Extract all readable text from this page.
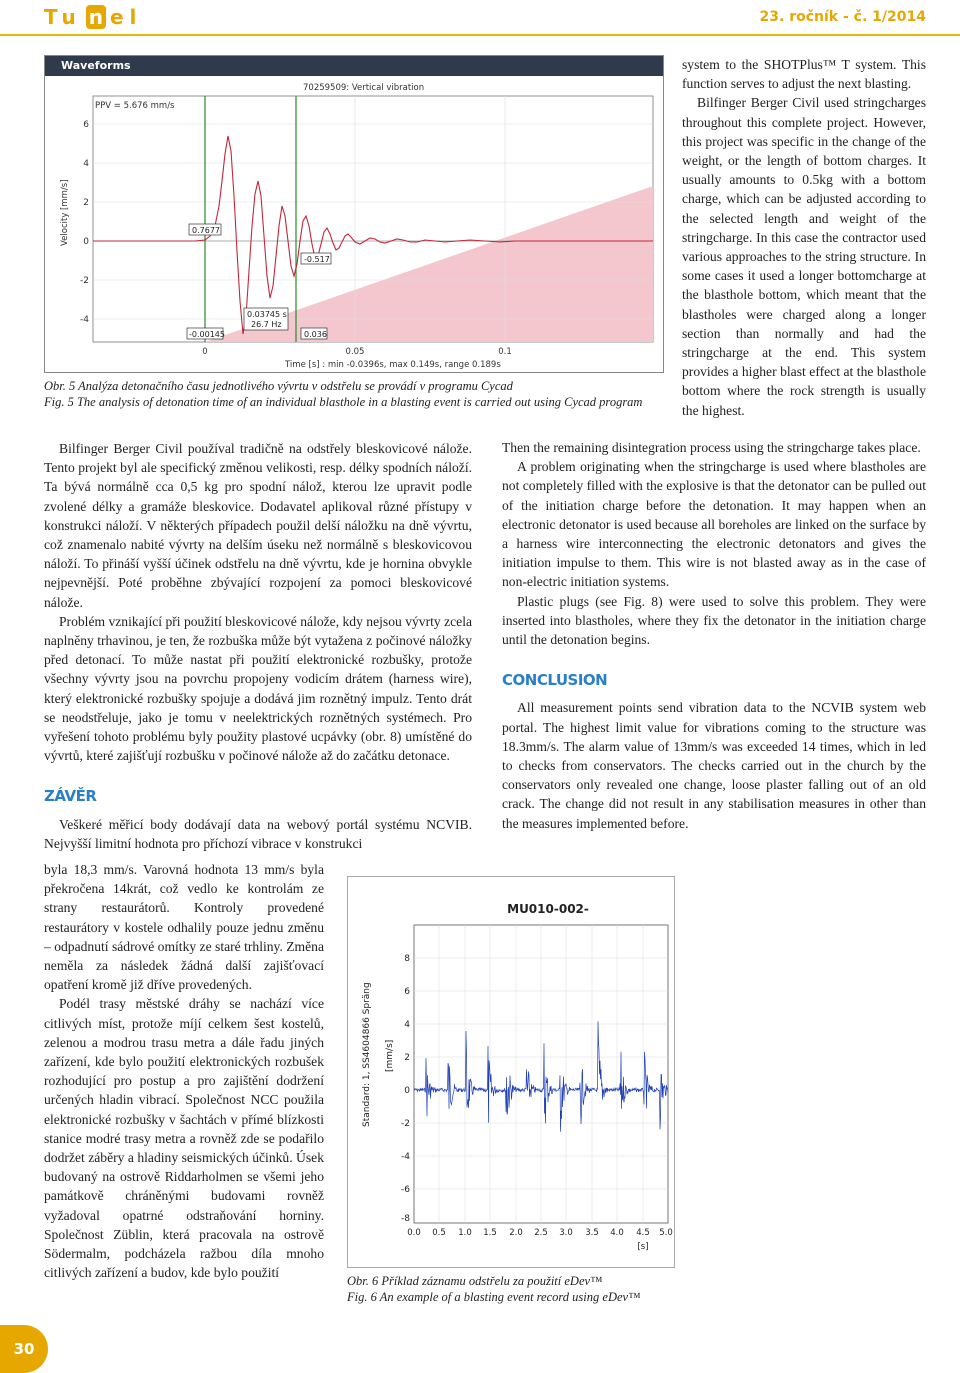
Tu n el	23. ročník - č. 1/2014
Waveforms
6
4
2
0
-2
-4
Velocity [mm/s]
0	0.05	0.1
Time [s] : min -0.0396s, max 0.149s, range 0.189s
70259509: Vertical vibration
PPV = 5.676 mm/s
0.7677
-0.517
0.03745 s
26.7 Hz
-0.00145	0.036
Obr. 5 Analýza detonačního času jednotlivého vývrtu v odstřelu se provádí v programu Cycad
Fig. 5 The analysis of detonation time of an individual blasthole in a blasting event is carried out using Cycad program

system to the SHOTPlus™ T system. This function serves to adjust the next blasting.

Bilfinger Berger Civil used stringcharges throughout this complete project. However, this project was specific in the change of the weight, or the length of bottom charges. It usually amounts to 0.5kg with a bottom charge, which can be adjusted according to the selected length and weight of the stringcharge. In this case the contractor used various approaches to the string structure. In some cases it used a longer bottomcharge at the blasthole bottom, which meant that the blastholes were charged along a longer section than normally and had the stringcharge at the end. This system provides a higher blast effect at the blasthole bottom where the rock strength is usually the highest.

Bilfinger Berger Civil používal tradičně na odstřely bleskovicové nálože. Tento projekt byl ale specifický změnou velikosti, resp. délky spodních náloží. Ta bývá normálně cca 0,5 kg pro spodní nálož, kterou lze upravit podle zvolené délky a gramáže bleskovice. Dodavatel aplikoval různé přístupy v konstrukci náloží. V některých případech použil delší náložku na dně vývrtu, což znamenalo nabité vývrty na delším úseku než normálně s bleskovicovou náloží. To přináší vyšší účinek odstřelu na dně vývrtu, kde je hornina obvykle nejpevnější. Poté proběhne zbývající rozpojení za pomoci bleskovicové nálože.

Problém vznikající při použití bleskovicové nálože, kdy nejsou vývrty zcela naplněny trhavinou, je ten, že rozbuška může být vytažena z počinové náložky před detonací. To může nastat při použití elektronické rozbušky, protože všechny vývrty jsou na povrchu propojeny vodicím drátem (harness wire), který elektronické rozbušky spojuje a dodává jim roznětný impulz. Tento drát se neodstřeluje, jako je tomu v neelektrických roznětných systémech. Pro vyřešení tohoto problému byly použity plastové ucpávky (obr. 8) umístěné do vývrtů, které zajišťují rozbušku v počinové nálože až do začátku detonace.

ZÁVĚR

Veškeré měřicí body dodávají data na webový portál systému NCVIB. Nejvyšší limitní hodnota pro příchozí vibrace v konstrukci

byla 18,3 mm/s. Varovná hodnota 13 mm/s byla překročena 14krát, což vedlo ke kontrolám ze strany restaurátorů. Kontroly provedené restaurátory v kostele odhalily pouze jednu změnu – odpadnutí sádrové omítky ze staré trhliny. Změna neměla za následek žádná další zajišťovací opatření kromě již dříve provedených.

Podél trasy městské dráhy se nachází více citlivých míst, protože míjí celkem šest kostelů, zelenou a modrou trasu metra a dále řadu jiných zařízení, kde bylo použití elektronických rozbušek rozhodující pro postup a pro zajištění dodržení určených hladin vibrací. Společnost NCC použila elektronické rozbušky v šachtách v přímé blízkosti stanice modré trasy metra a rovněž zde se podařilo dodržet záběry a hladiny seismických účinků. Úsek budovaný na ostrově Riddarholmen se všemi jeho památkově chráněnými budovami rovněž vyžadoval opatrné odstraňování horniny. Společnost Züblin, která pracovala na ostrově Södermalm, podcházela ražbou díla mnoho citlivých zařízení a budov, kde bylo použití

Then the remaining disintegration process using the stringcharge takes place.

A problem originating when the stringcharge is used where blastholes are not completely filled with the explosive is that the detonator can be pulled out of the initiation charge before the detonation. It may happen when an electronic detonator is used because all boreholes are linked on the surface by a harness wire interconnecting the electronic detonators and gives the initiation impulse to them. This wire is not blasted away as in the case of non-electric initiation systems.

Plastic plugs (see Fig. 8) were used to solve this problem. They were inserted into blastholes, where they fix the detonator in the initiation charge until the detonation begins.

CONCLUSION

All measurement points send vibration data to the NCVIB system web portal. The highest limit value for vibrations coming to the structure was 18.3mm/s. The alarm value of 13mm/s was exceeded 14 times, which in led to checks from conservators. The checks carried out in the church by the conservators only revealed one change, loose plaster falling out of an old crack. The change did not result in any stabilisation measures in other than the measures implemented before.

MU010-002-
Standard: 1, SS4604866 Spräng [mm/s]
8
6
4
2
0
-2
-4
-6
-8
0.0 0.5 1.0 1.5 2.0 2.5 3.0 3.5 4.0 4.5 5.0
[s]
Obr. 6 Příklad záznamu odstřelu za použití eDev™
Fig. 6 An example of a blasting event record using eDev™
30
